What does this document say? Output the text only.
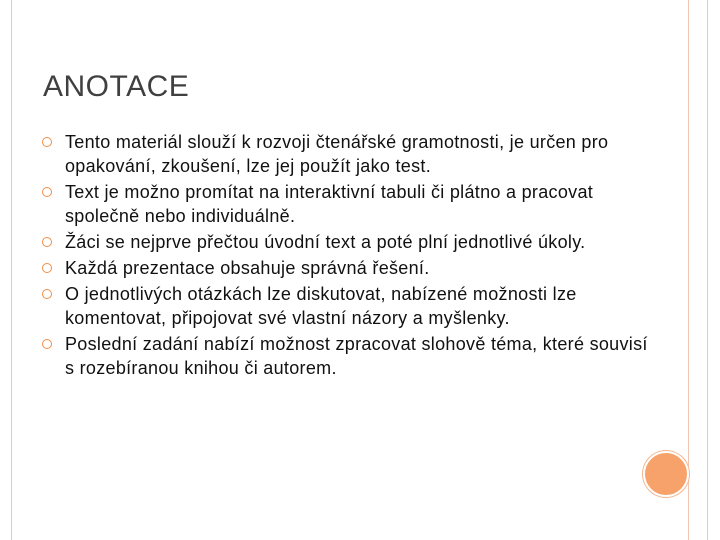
ANOTACE
Tento materiál slouží k rozvoji čtenářské gramotnosti, je určen pro opakování, zkoušení, lze jej použít jako test.
Text je možno promítat na interaktivní tabuli či plátno a pracovat společně nebo individuálně.
Žáci se nejprve přečtou úvodní text a poté plní jednotlivé úkoly.
Každá prezentace obsahuje správná řešení.
O jednotlivých otázkách lze diskutovat, nabízené možnosti lze komentovat, připojovat své vlastní názory a myšlenky.
Poslední zadání nabízí možnost zpracovat slohově téma, které souvisí s rozebíranou knihou či autorem.
